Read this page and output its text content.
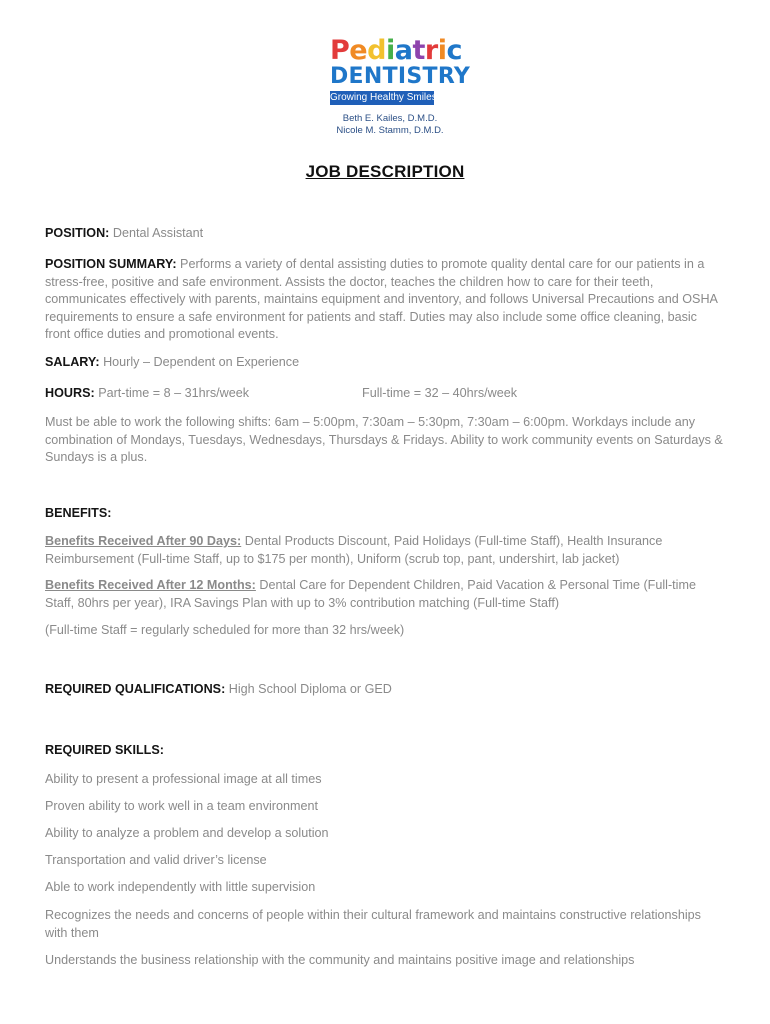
Pediatric
DENTISTRY
Growing Healthy Smiles
Beth E. Kailes, D.M.D.
Nicole M. Stamm, D.M.D.
JOB DESCRIPTION
POSITION: Dental Assistant
POSITION SUMMARY: Performs a variety of dental assisting duties to promote quality dental care for our patients in a stress-free, positive and safe environment. Assists the doctor, teaches the children how to care for their teeth, communicates effectively with parents, maintains equipment and inventory, and follows Universal Precautions and OSHA requirements to ensure a safe environment for patients and staff. Duties may also include some office cleaning, basic front office duties and promotional events.
SALARY: Hourly – Dependent on Experience
HOURS: Part-time = 8 – 31hrs/week	Full-time = 32 – 40hrs/week
Must be able to work the following shifts: 6am – 5:00pm, 7:30am – 5:30pm, 7:30am – 6:00pm. Workdays include any combination of Mondays, Tuesdays, Wednesdays, Thursdays & Fridays. Ability to work community events on Saturdays & Sundays is a plus.
BENEFITS:
Benefits Received After 90 Days: Dental Products Discount, Paid Holidays (Full-time Staff), Health Insurance Reimbursement (Full-time Staff, up to $175 per month), Uniform (scrub top, pant, undershirt, lab jacket)
Benefits Received After 12 Months: Dental Care for Dependent Children, Paid Vacation & Personal Time (Full-time Staff, 80hrs per year), IRA Savings Plan with up to 3% contribution matching (Full-time Staff)
(Full-time Staff = regularly scheduled for more than 32 hrs/week)
REQUIRED QUALIFICATIONS: High School Diploma or GED
REQUIRED SKILLS:
Ability to present a professional image at all times
Proven ability to work well in a team environment
Ability to analyze a problem and develop a solution
Transportation and valid driver’s license
Able to work independently with little supervision
Recognizes the needs and concerns of people within their cultural framework and maintains constructive relationships with them
Understands the business relationship with the community and maintains positive image and relationships
